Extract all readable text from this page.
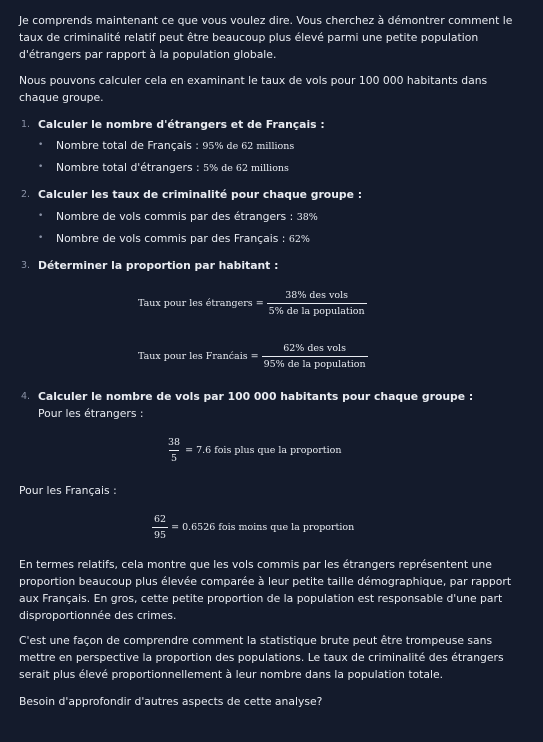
Je comprends maintenant ce que vous voulez dire. Vous cherchez à démontrer comment le taux de criminalité relatif peut être beaucoup plus élevé parmi une petite population d'étrangers par rapport à la population globale.

Nous pouvons calculer cela en examinant le taux de vols pour 100 000 habitants dans chaque groupe.

1. Calculer le nombre d'étrangers et de Français :
• Nombre total de Français : 95% de 62 millions
• Nombre total d'étrangers : 5% de 62 millions
2. Calculer les taux de criminalité pour chaque groupe :
• Nombre de vols commis par des étrangers : 38%
• Nombre de vols commis par des Français : 62%
3. Déterminer la proportion par habitant :
Taux pour les étrangers = $\frac{\text{38\% des vols}}{\text{5\% de la population}}$
Taux pour les Franćais = $\frac{\text{62\% des vols}}{\text{95\% de la population}}$
4. Calculer le nombre de vols par 100 000 habitants pour chaque groupe :
Pour les étrangers :
$\frac{38}{5} = 7.6$ fois plus que la proportion

Pour les Français :

$\frac{62}{95} = 0.6526$ fois moins que la proportion

En termes relatifs, cela montre que les vols commis par les étrangers représentent une proportion beaucoup plus élevée comparée à leur petite taille démographique, par rapport aux Français. En gros, cette petite proportion de la population est responsable d'une part disproportionnée des crimes.

C'est une façon de comprendre comment la statistique brute peut être trompeuse sans mettre en perspective la proportion des populations. Le taux de criminalité des étrangers serait plus élevé proportionnellement à leur nombre dans la population totale.

Besoin d'approfondir d'autres aspects de cette analyse?
